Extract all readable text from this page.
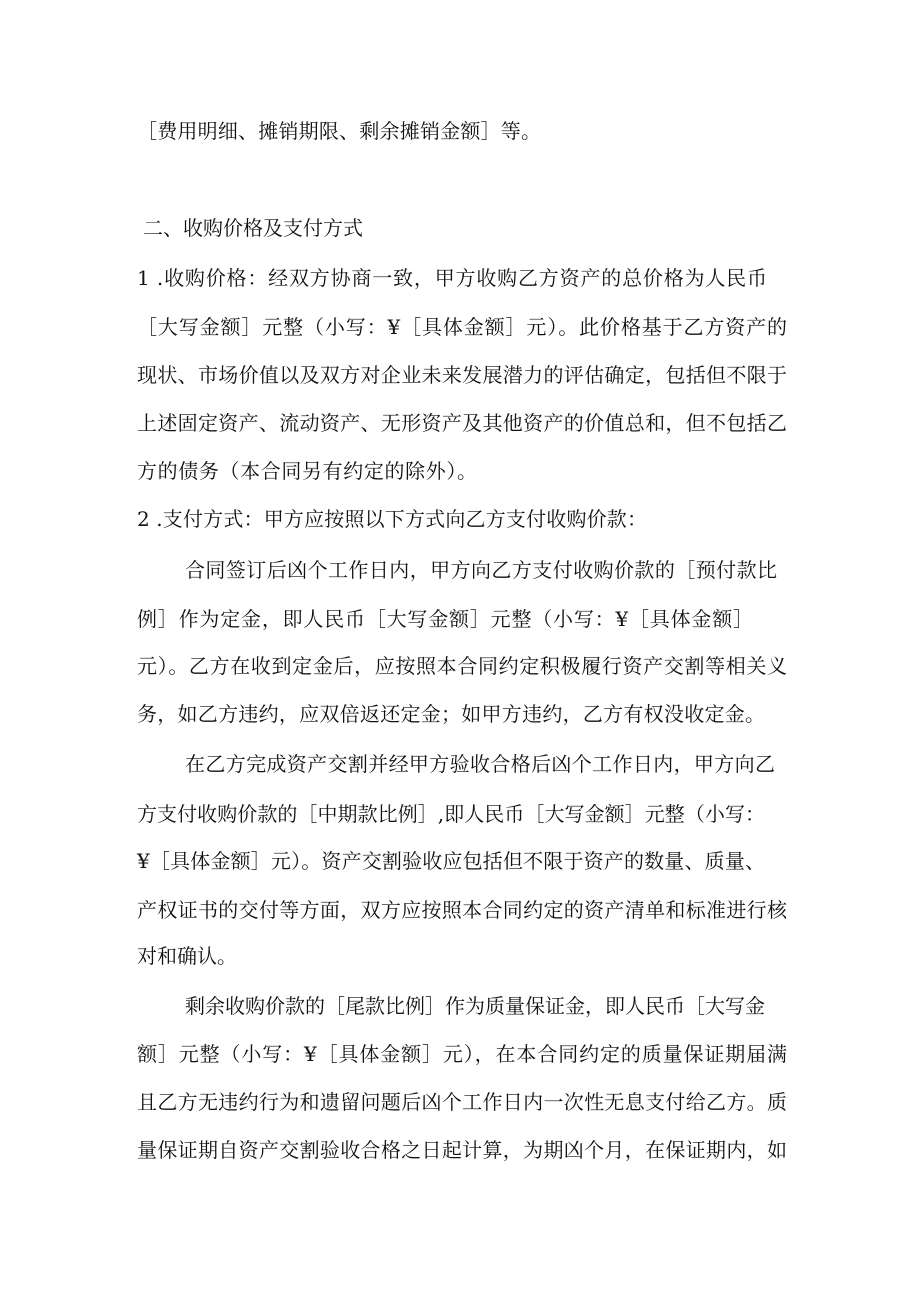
［费用明细、摊销期限、剩余摊销金额］等。
二、收购价格及支付方式
1 .收购价格：经双方协商一致，甲方收购乙方资产的总价格为人民币
［大写金额］元整（小写：¥［具体金额］元）。此价格基于乙方资产的
现状、市场价值以及双方对企业未来发展潜力的评估确定，包括但不限于
上述固定资产、流动资产、无形资产及其他资产的价值总和，但不包括乙
方的债务（本合同另有约定的除外）。
2 .支付方式：甲方应按照以下方式向乙方支付收购价款：
合同签订后凶个工作日内，甲方向乙方支付收购价款的［预付款比
例］作为定金，即人民币［大写金额］元整（小写：¥［具体金额］
元）。乙方在收到定金后，应按照本合同约定积极履行资产交割等相关义
务，如乙方违约，应双倍返还定金；如甲方违约，乙方有权没收定金。
在乙方完成资产交割并经甲方验收合格后凶个工作日内，甲方向乙
方支付收购价款的［中期款比例］,即人民币［大写金额］元整（小写：
¥［具体金额］元）。资产交割验收应包括但不限于资产的数量、质量、
产权证书的交付等方面，双方应按照本合同约定的资产清单和标准进行核
对和确认。
剩余收购价款的［尾款比例］作为质量保证金，即人民币［大写金
额］元整（小写：¥［具体金额］元），在本合同约定的质量保证期届满
且乙方无违约行为和遗留问题后凶个工作日内一次性无息支付给乙方。质
量保证期自资产交割验收合格之日起计算，为期凶个月，在保证期内，如
